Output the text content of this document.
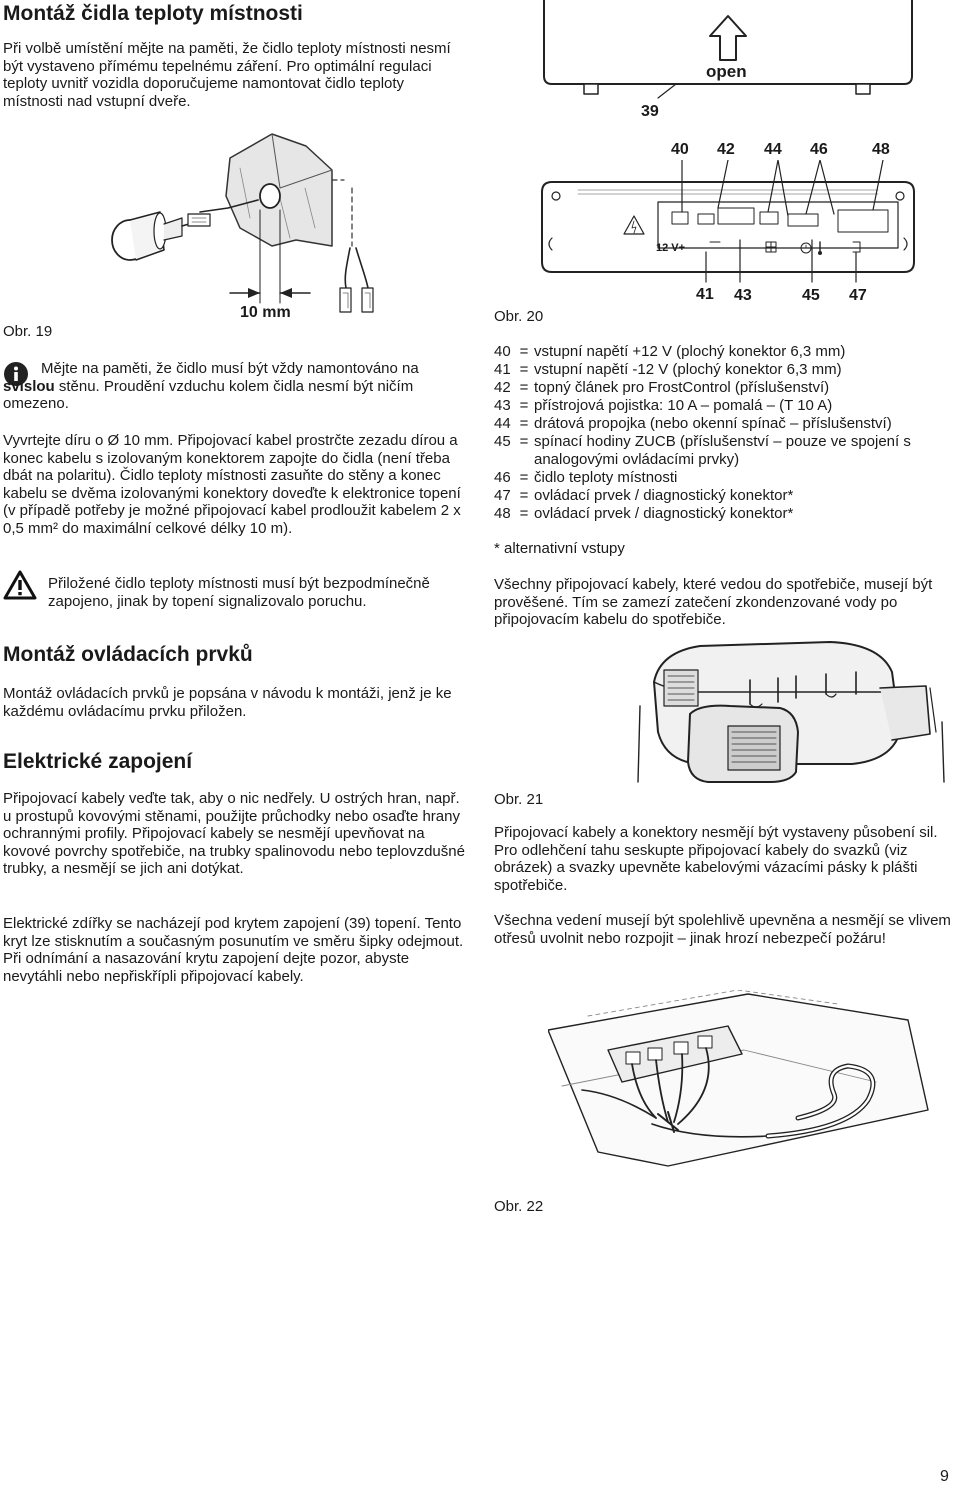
Montáž čidla teploty místnosti

Při volbě umístění mějte na paměti, že čidlo teploty místnosti nesmí být vystaveno přímému tepelnému záření. Pro optimální regulaci teploty uvnitř vozidla doporučujeme namontovat čidlo teploty místnosti nad vstupní dveře.

10 mm
Obr. 19

Mějte na paměti, že čidlo musí být vždy namontováno na svislou stěnu. Proudění vzduchu kolem čidla nesmí být ničím omezeno.

Vyvrtejte díru o Ø 10 mm. Připojovací kabel prostrčte zezadu dírou a konec kabelu s izolovaným konektorem zapojte do čidla (není třeba dbát na polaritu). Čidlo teploty místnosti zasuňte do stěny a konec kabelu se dvěma izolovanými konektory doveďte k elektronice topení (v případě potřeby je možné připojovací kabel prodloužit kabelem 2 x 0,5 mm² do maximální celkové délky 10 m).

Přiložené čidlo teploty místnosti musí být bezpodmínečně zapojeno, jinak by topení signalizovalo poruchu.

Montáž ovládacích prvků

Montáž ovládacích prvků je popsána v návodu k montáži, jenž je ke každému ovládacímu prvku přiložen.

Elektrické zapojení

Připojovací kabely veďte tak, aby o nic nedřely. U ostrých hran, např. u prostupů kovovými stěnami, použijte průchodky nebo osaďte hrany ochrannými profily. Připojovací kabely se nesmějí upevňovat na kovové povrchy spotřebiče, na trubky spalinovodu nebo teplovzdušné trubky, a nesmějí se jich ani dotýkat.

Elektrické zdířky se nacházejí pod krytem zapojení (39) topení. Tento kryt lze stisknutím a současným posunutím ve směru šipky odejmout. Při odnímání a nasazování krytu zapojení dejte pozor, abyste nevytáhli nebo nepřiskřípli připojovací kabely.

open
39
40 42 44 46	48
12 V+
41 43	45 47
Obr. 20
40 = vstupní napětí +12 V (plochý konektor 6,3 mm)
41 = vstupní napětí -12 V (plochý konektor 6,3 mm)
42 = topný článek pro FrostControl (příslušenství)
43 = přístrojová pojistka: 10 A – pomalá – (T 10 A)
44 = drátová propojka (nebo okenní spínač – příslušenství)
45 = spínací hodiny ZUCB (příslušenství – pouze ve spojení s analogovými ovládacími prvky)
46 = čidlo teploty místnosti
47 = ovládací prvek / diagnostický konektor*
48 = ovládací prvek / diagnostický konektor*

* alternativní vstupy

Všechny připojovací kabely, které vedou do spotřebiče, musejí být prověšené. Tím se zamezí zatečení zkondenzované vody po připojovacím kabelu do spotřebiče.

Obr. 21

Připojovací kabely a konektory nesmějí být vystaveny působení sil. Pro odlehčení tahu seskupte připojovací kabely do svazků (viz obrázek) a svazky upevněte kabelovými vázacími pásky k plášti spotřebiče.

Všechna vedení musejí být spolehlivě upevněna a nesmějí se vlivem otřesů uvolnit nebo rozpojit – jinak hrozí nebezpečí požáru!

Obr. 22
9
